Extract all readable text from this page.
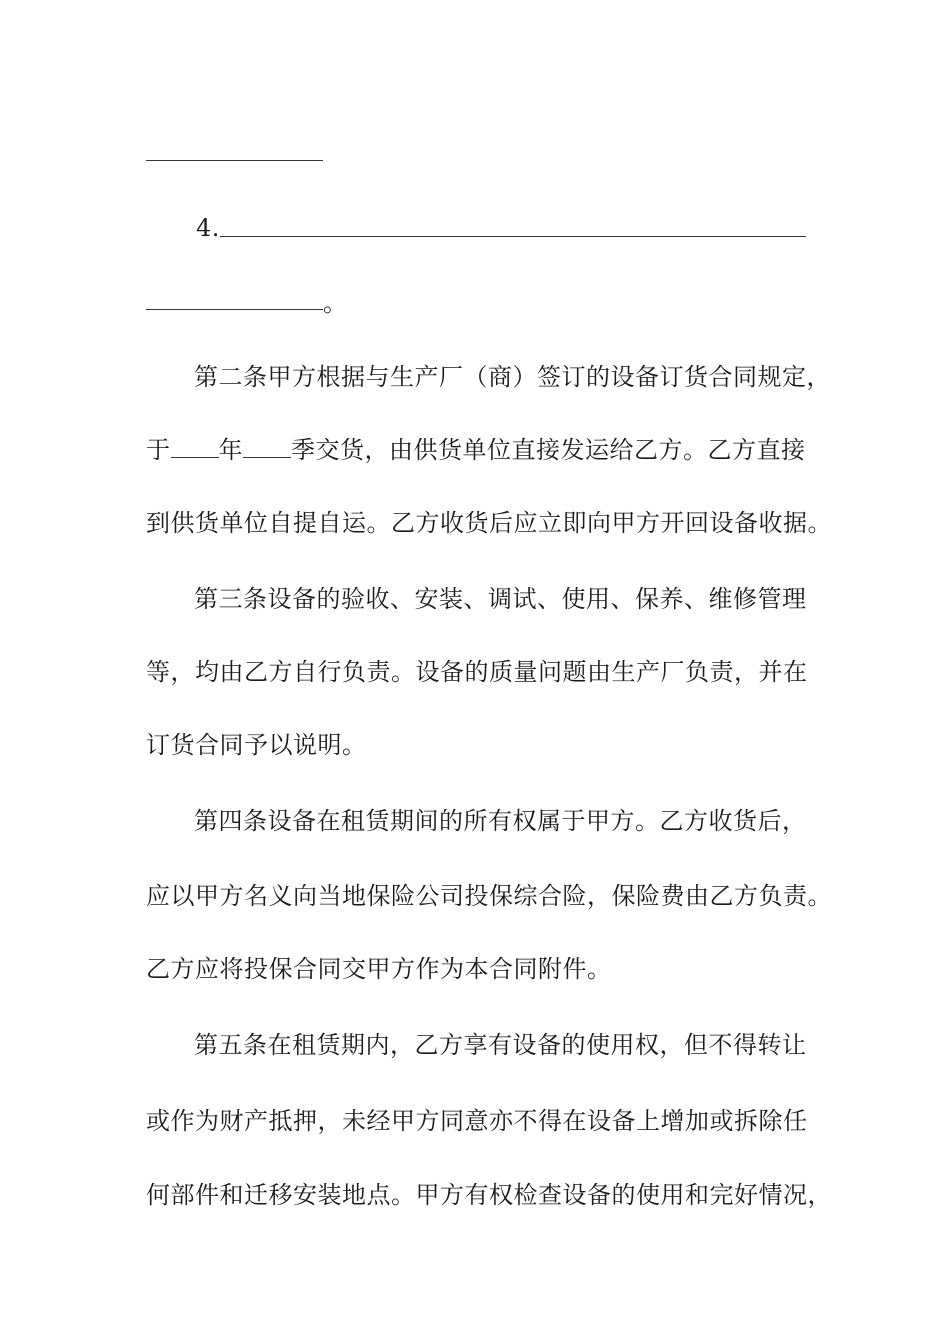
4.
。
第二条甲方根据与生产厂（商）签订的设备订货合同规定，
于 年 季交货，由供货单位直接发运给乙方。乙方直接
到供货单位自提自运。乙方收货后应立即向甲方开回设备收据。
第三条设备的验收、安装、调试、使用、保养、维修管理
等，均由乙方自行负责。设备的质量问题由生产厂负责，并在
订货合同予以说明。
第四条设备在租赁期间的所有权属于甲方。乙方收货后，
应以甲方名义向当地保险公司投保综合险，保险费由乙方负责。
乙方应将投保合同交甲方作为本合同附件。
第五条在租赁期内，乙方享有设备的使用权，但不得转让
或作为财产抵押，未经甲方同意亦不得在设备上增加或拆除任
何部件和迁移安装地点。甲方有权检查设备的使用和完好情况，
